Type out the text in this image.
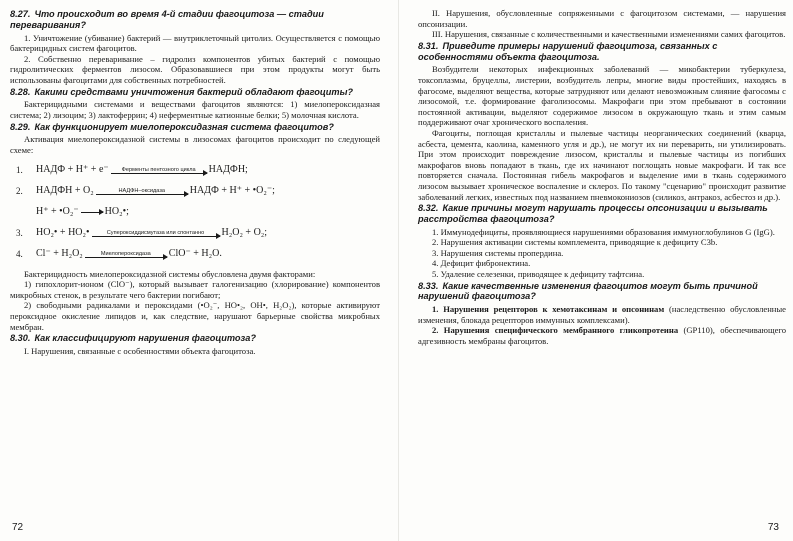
8.27. Что происходит во время 4-й стадии фагоцитоза — стадии переваривания?

1. Уничтожение (убивание) бактерий — внутриклеточный цитолиз. Осуществляется с помощью бактерицидных систем фагоцитов.

2. Собственно переваривание – гидролиз компонентов убитых бактерий с помощью гидролитических ферментов лизосом. Образовавшиеся при этом продукты могут быть использованы фагоцитами для собственных потребностей.

8.28. Какими средствами уничтожения бактерий обладают фагоциты?

Бактерицидными системами и веществами фагоцитов являются: 1) миелопероксидазная система; 2) лизоцим; 3) лактоферрин; 4) неферментные катионные белки; 5) молочная кислота.

8.29. Как функционирует миелопероксидазная система фагоцитов?

Активация миелопероксидазной системы в лизосомах фагоцитов происходит по следующей схеме:

1.	НАДФ + H⁺ + e⁻ Ферменты пентозного цикла НАДФН;
2.	НАДФН + O₂	НАДФН–оксидаза НАДФ + H⁺ + •O₂⁻;
H⁺ + •O₂⁻ → HO₂•;
3.	HO₂• + HO₂•	Супероксиддисмутаза или спонтанно H₂O₂ + O₂;
4.	Cl⁻ + H₂O₂	Миелопероксидаза ClO⁻ + H₂O.

Бактерицидность миелопероксидазной системы обусловлена двумя факторами:

1) гипохлорит-ионом (ClO⁻), который вызывает галогенизацию (хлорирование) компонентов микробных стенок, в результате чего бактерии погибают;

2) свободными радикалами и пероксидами (•O₂⁻, HO•₂, OH•, H₂O₂), которые активируют пероксидное окисление липидов и, как следствие, нарушают барьерные свойства микробных мембран.

8.30. Как классифицируют нарушения фагоцитоза?

I. Нарушения, связанные с особенностями объекта фагоцитоза.

72

II. Нарушения, обусловленные сопряженными с фагоцитозом системами, — нарушения опсонизации.

III. Нарушения, связанные с количественными и качественными изменениями самих фагоцитов.

8.31. Приведите примеры нарушений фагоцитоза, связанных с особенностями объекта фагоцитоза.

Возбудители некоторых инфекционных заболеваний — микобактерии туберкулеза, токсоплазмы, бруцеллы, листерии, возбудитель лепры, многие виды простейших, находясь в фагосоме, выделяют вещества, которые затрудняют или делают невозможным слияние фагосомы с лизосомой, т.е. формирование фаголизосомы. Макрофаги при этом пребывают в состоянии постоянной активации, выделяют содержимое лизосом в окружающую ткань и этим самым поддерживают очаг хронического воспаления.

Фагоциты, поглощая кристаллы и пылевые частицы неорганических соединений (кварца, асбеста, цемента, каолина, каменного угля и др.), не могут их ни переварить, ни утилизировать. При этом происходит повреждение лизосом, кристаллы и пылевые частицы из погибших макрофагов вновь попадают в ткань, где их начинают поглощать новые макрофаги. И так все повторяется сначала. Постоянная гибель макрофагов и выделение ими в ткань содержимого лизосом вызывает хроническое воспаление и склероз. По такому "сценарию" происходит развитие заболеваний легких, известных под названием пневмокониозов (силикоз, антракоз, асбестоз и др.).

8.32. Какие причины могут нарушать процессы опсонизации и вызывать расстройства фагоцитоза?

1. Иммунодефициты, проявляющиеся нарушениями образования иммуноглобулинов G (IgG).

2. Нарушения активации системы комплемента, приводящие к дефициту C3b.

3. Нарушения системы пропердина.

4. Дефицит фибронектина.

5. Удаление селезенки, приводящее к дефициту тафтсина.

8.33. Какие качественные изменения фагоцитов могут быть причиной нарушений фагоцитоза?

1. Нарушения рецепторов к хемотаксинам и опсонинам (наследственно обусловленные изменения, блокада рецепторов иммунных комплексами).

2. Нарушения специфического мембранного гликопротеина (GP110), обеспечивающего адгезивность мембраны фагоцитов.

73
